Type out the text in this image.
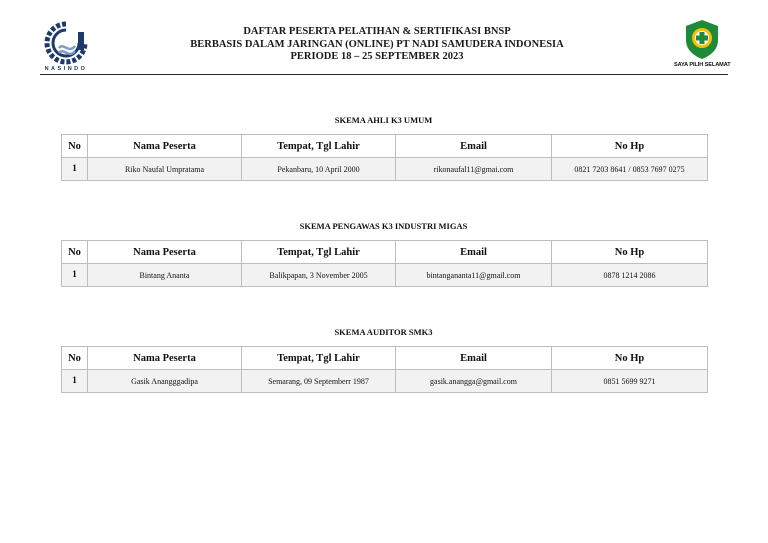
NASINDO
DAFTAR PESERTA PELATIHAN & SERTIFIKASI BNSP
BERBASIS DALAM JARINGAN (ONLINE) PT NADI SAMUDERA INDONESIA
PERIODE 18 – 25 SEPTEMBER 2023
SAYA PILIH SELAMAT
SKEMA AHLI K3 UMUM
No	Nama Peserta	Tempat, Tgl Lahir	Email	No Hp
1	Riko Naufal Umpratama	Pekanbaru, 10 April 2000	rikonaufal11@gmai.com	0821 7203 8641 / 0853 7697 0275
SKEMA PENGAWAS K3 INDUSTRI MIGAS
No	Nama Peserta	Tempat, Tgl Lahir	Email	No Hp
1	Bintang Ananta	Balikpapan, 3 November 2005	bintangananta11@gmail.com	0878 1214 2086
SKEMA AUDITOR SMK3
No	Nama Peserta	Tempat, Tgl Lahir	Email	No Hp
1	Gasik Anangggadipa	Semarang, 09 Septemberr 1987	gasik.anangga@gmail.com	0851 5699 9271
